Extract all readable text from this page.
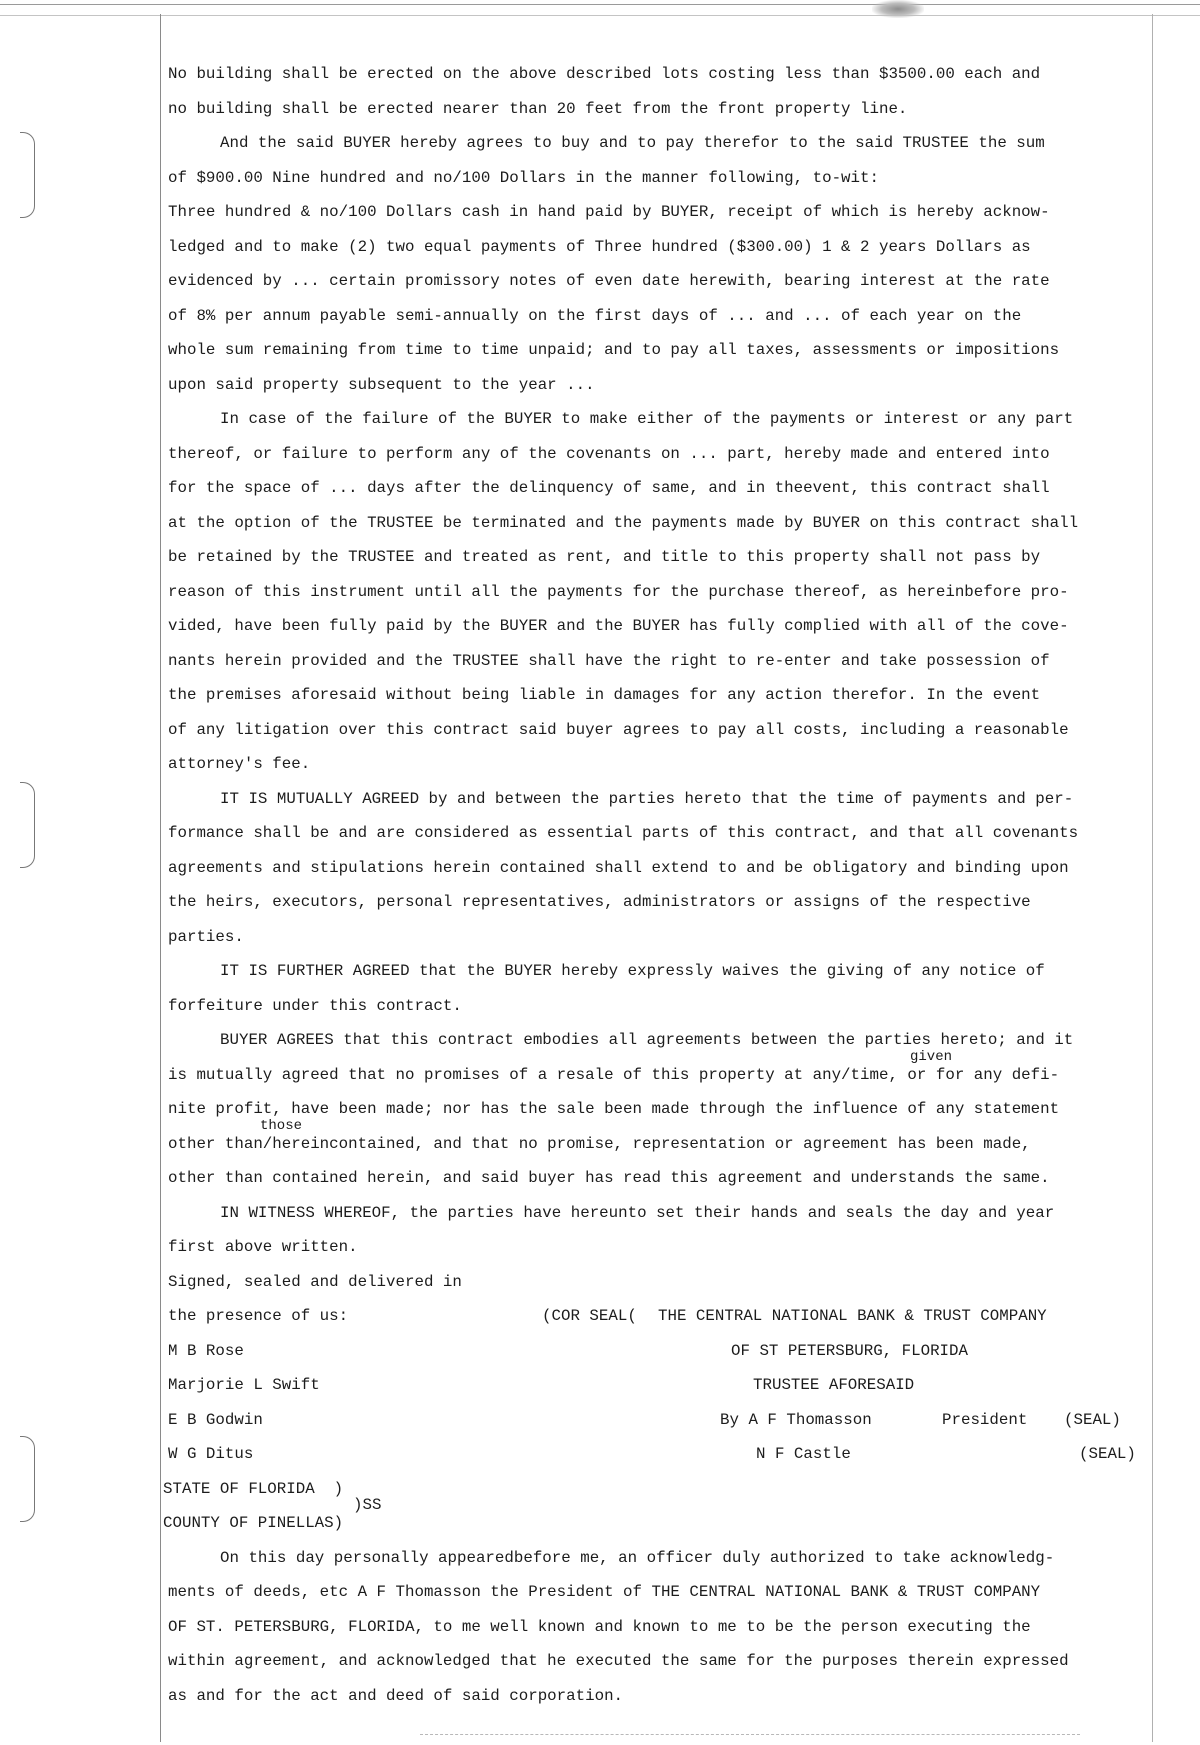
No building shall be erected on the above described lots costing less than $3500.00 each and
no building shall be erected nearer than 20 feet from the front property line.
And the said BUYER hereby agrees to buy and to pay therefor to the said TRUSTEE the sum
of $900.00 Nine hundred and no/100 Dollars in the manner following, to-wit:
Three hundred & no/100 Dollars cash in hand paid by BUYER, receipt of which is hereby acknow-
ledged and to make (2) two equal payments of Three hundred ($300.00) 1 & 2 years Dollars as
evidenced by ... certain promissory notes of even date herewith, bearing interest at the rate
of 8% per annum payable semi-annually on the first days of ... and ... of each year on the
whole sum remaining from time to time unpaid; and to pay all taxes, assessments or impositions
upon said property subsequent to the year ...
In case of the failure of the BUYER to make either of the payments or interest or any part
thereof, or failure to perform any of the covenants on ... part, hereby made and entered into
for the space of ... days after the delinquency of same, and in theevent, this contract shall
at the option of the TRUSTEE be terminated and the payments made by BUYER on this contract shall
be retained by the TRUSTEE and treated as rent, and title to this property shall not pass by
reason of this instrument until all the payments for the purchase thereof, as hereinbefore pro-
vided, have been fully paid by the BUYER and the BUYER has fully complied with all of the cove-
nants herein provided and the TRUSTEE shall have the right to re-enter and take possession of
the premises aforesaid without being liable in damages for any action therefor. In the event
of any litigation over this contract said buyer agrees to pay all costs, including a reasonable
attorney's fee.
IT IS MUTUALLY AGREED by and between the parties hereto that the time of payments and per-
formance shall be and are considered as essential parts of this contract, and that all covenants
agreements and stipulations herein contained shall extend to and be obligatory and binding upon
the heirs, executors, personal representatives, administrators or assigns of the respective
parties.
IT IS FURTHER AGREED that the BUYER hereby expressly waives the giving of any notice of
forfeiture under this contract.
BUYER AGREES that this contract embodies all agreements between the parties hereto; and it
given
is mutually agreed that no promises of a resale of this property at any/time, or for any defi-
nite profit, have been made; nor has the sale been made through the influence of any statement
those
other than/hereincontained, and that no promise, representation or agreement has been made,
other than contained herein, and said buyer has read this agreement and understands the same.
IN WITNESS WHEREOF, the parties have hereunto set their hands and seals the day and year
first above written.
Signed, sealed and delivered in
the presence of us:	(COR SEAL( THE CENTRAL NATIONAL BANK & TRUST COMPANY
M B Rose	OF ST PETERSBURG, FLORIDA
Marjorie L Swift	TRUSTEE AFORESAID
E B Godwin	By A F Thomasson	President (SEAL)
W G Ditus	N F Castle	(SEAL)
STATE OF FLORIDA  )
)SS
COUNTY OF PINELLAS)
On this day personally appearedbefore me, an officer duly authorized to take acknowledg-
ments of deeds, etc A F Thomasson the President of THE CENTRAL NATIONAL BANK & TRUST COMPANY
OF ST. PETERSBURG, FLORIDA, to me well known and known to me to be the person executing the
within agreement, and acknowledged that he executed the same for the purposes therein expressed
as and for the act and deed of said corporation.
